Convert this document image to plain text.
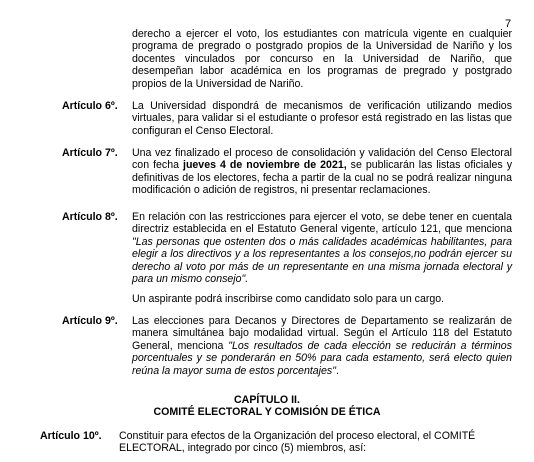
7
derecho a ejercer el voto, los estudiantes con matrícula vigente en cualquier programa de pregrado o postgrado propios de la Universidad de Nariño y los docentes vinculados por concurso en la Universidad de Nariño, que desempeñan labor académica en los programas de pregrado y postgrado propios de la Universidad de Nariño.
Artículo 6º. La Universidad dispondrá de mecanismos de verificación utilizando medios virtuales, para validar si el estudiante o profesor está registrado en las listas que configuran el Censo Electoral.
Artículo 7º. Una vez finalizado el proceso de consolidación y validación del Censo Electoral con fecha jueves 4 de noviembre de 2021, se publicarán las listas oficiales y definitivas de los electores, fecha a partir de la cual no se podrá realizar ninguna modificación o adición de registros, ni presentar reclamaciones.
Artículo 8º. En relación con las restricciones para ejercer el voto, se debe tener en cuentala directriz establecida en el Estatuto General vigente, artículo 121, que menciona "Las personas que ostenten dos o más calidades académicas habilitantes, para elegir a los directivos y a los representantes a los consejos,no podrán ejercer su derecho al voto por más de un representante en una misma jornada electoral y para un mismo consejo".
Un aspirante podrá inscribirse como candidato solo para un cargo.
Artículo 9º. Las elecciones para Decanos y Directores de Departamento se realizarán de manera simultánea bajo modalidad virtual. Según el Artículo 118 del Estatuto General, menciona "Los resultados de cada elección se reducirán a términos porcentuales y se ponderarán en 50% para cada estamento, será electo quien reúna la mayor suma de estos porcentajes".
CAPÍTULO II.
COMITÉ ELECTORAL Y COMISIÓN DE ÉTICA
Artículo 10º. Constituir para efectos de la Organización del proceso electoral, el COMITÉ ELECTORAL, integrado por cinco (5) miembros, así:
